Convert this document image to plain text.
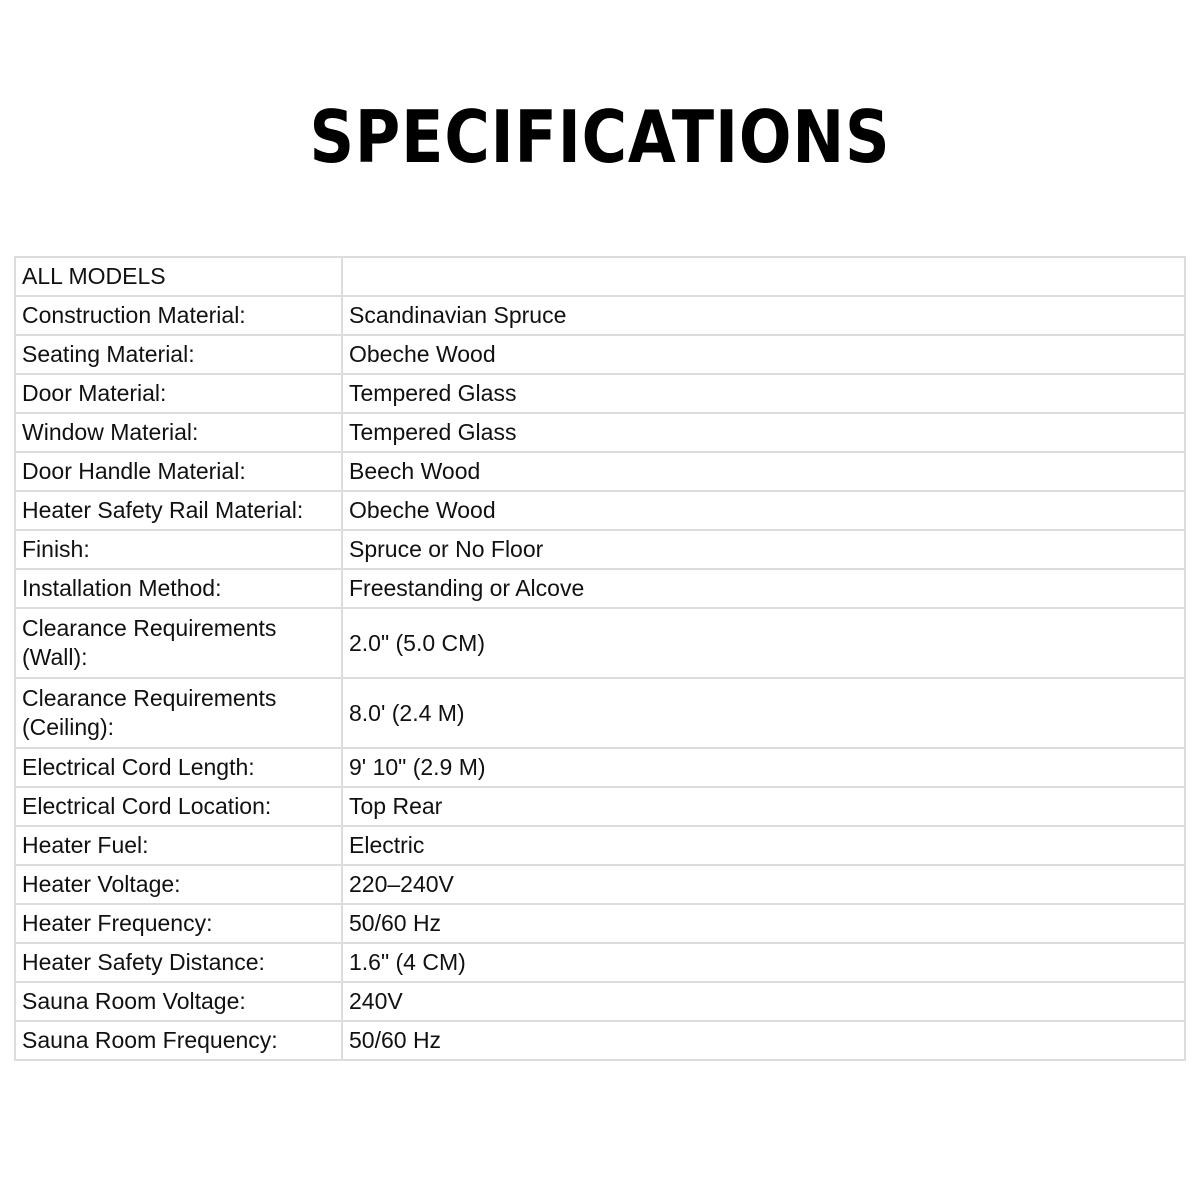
SPECIFICATIONS
ALL MODELS	
Construction Material:	Scandinavian Spruce
Seating Material:	Obeche Wood
Door Material:	Tempered Glass
Window Material:	Tempered Glass
Door Handle Material:	Beech Wood
Heater Safety Rail Material:	Obeche Wood
Finish:	Spruce or No Floor
Installation Method:	Freestanding or Alcove
Clearance Requirements (Wall):	2.0" (5.0 CM)
Clearance Requirements (Ceiling):	8.0' (2.4 M)
Electrical Cord Length:	9' 10" (2.9 M)
Electrical Cord Location:	Top Rear
Heater Fuel:	Electric
Heater Voltage:	220–240V
Heater Frequency:	50/60 Hz
Heater Safety Distance:	1.6" (4 CM)
Sauna Room Voltage:	240V
Sauna Room Frequency:	50/60 Hz
